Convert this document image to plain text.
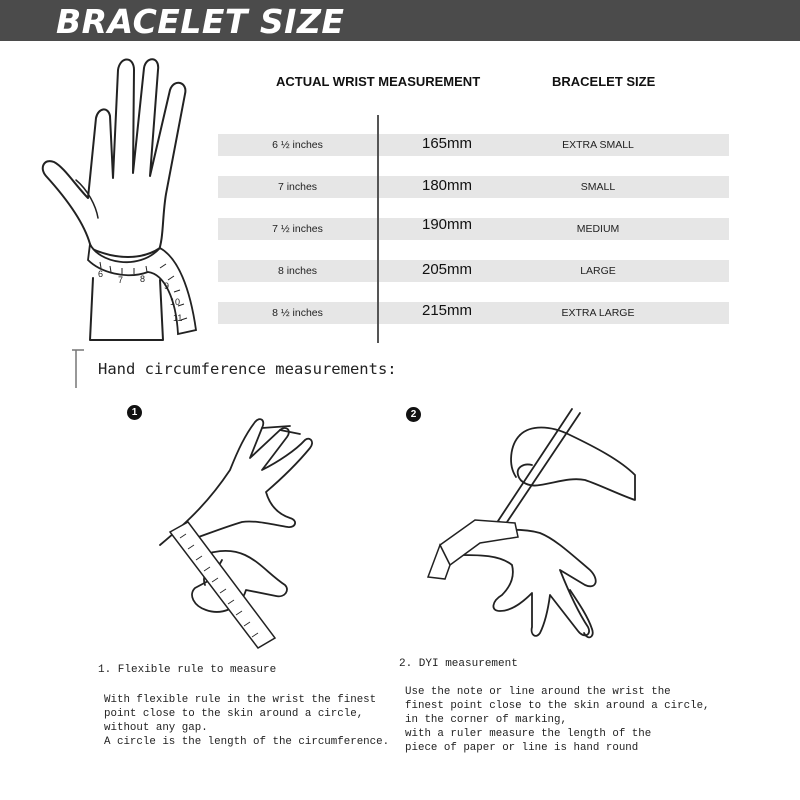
BRACELET SIZE
6
7 8
9
10
11
ACTUAL WRIST MEASUREMENT	BRACELET SIZE
6 ½ inches	165mm	EXTRA SMALL
7 inches	180mm	SMALL
7 ½ inches	190mm	MEDIUM
8 inches	205mm	LARGE
8 ½ inches	215mm	EXTRA LARGE
Hand circumference measurements:
1
1. Flexible rule to measure
With flexible rule in the wrist the finest
point close to the skin around a circle,
without any gap.
A circle is the length of the circumference.
2
2. DYI measurement
Use the note or line around the wrist the
finest point close to the skin around a circle,
in the corner of marking,
with a ruler measure the length of the
piece of paper or line is hand round
